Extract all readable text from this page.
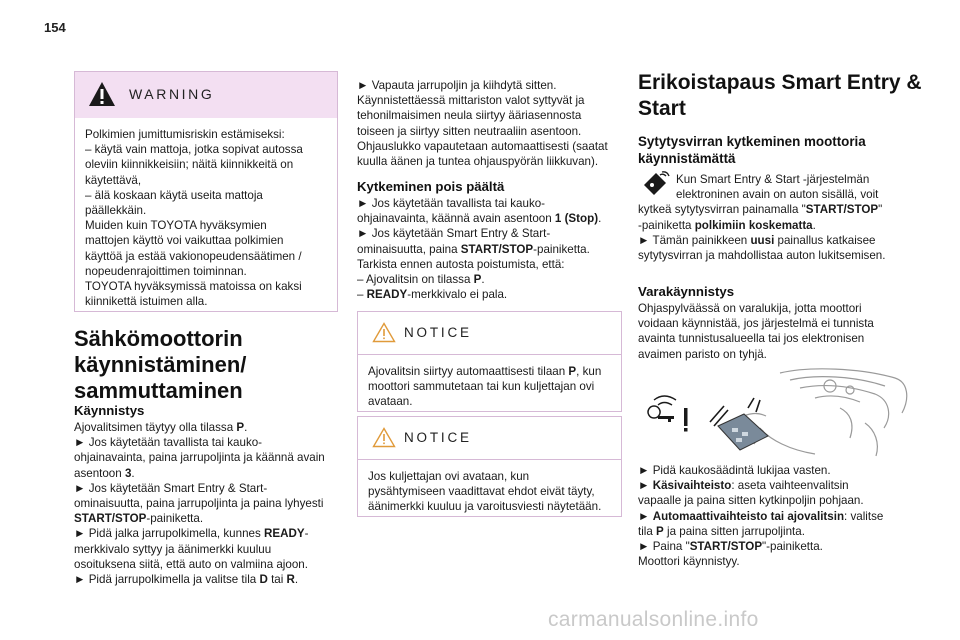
154
WARNING

Polkimien jumittumisriskin estämiseksi:

– käytä vain mattoja, jotka sopivat autossa

oleviin kiinnikkeisiin; näitä kiinnikkeitä on

käytettävä,

– älä koskaan käytä useita mattoja

päällekkäin.

Muiden kuin TOYOTA hyväksymien

mattojen käyttö voi vaikuttaa polkimien

käyttöä ja estää vakionopeudensäätimen /

nopeudenrajoittimen toiminnan.

TOYOTA hyväksymissä matoissa on kaksi

kiinnikettä istuimen alla.

Sähkömoottorin
käynnistäminen/
sammuttaminen
Käynnistys

Ajovalitsimen täytyy olla tilassa P.

► Jos käytetään tavallista tai kauko-

ohjainavainta, paina jarrupoljinta ja käännä avain

asentoon 3.

► Jos käytetään Smart Entry & Start-

ominaisuutta, paina jarrupoljinta ja paina lyhyesti

START/STOP-painiketta.

► Pidä jalka jarrupolkimella, kunnes READY-

merkkivalo syttyy ja äänimerkki kuuluu

osoituksena siitä, että auto on valmiina ajoon.

► Pidä jarrupolkimella ja valitse tila D tai R.

► Vapauta jarrupoljin ja kiihdytä sitten.

Käynnistettäessä mittariston valot syttyvät ja

tehonilmaisimen neula siirtyy ääriasennosta

toiseen ja siirtyy sitten neutraaliin asentoon.

Ohjauslukko vapautetaan automaattisesti (saatat

kuulla äänen ja tuntea ohjauspyörän liikkuvan).

Kytkeminen pois päältä

► Jos käytetään tavallista tai kauko-

ohjainavainta, käännä avain asentoon 1 (Stop).

► Jos käytetään Smart Entry & Start-

ominaisuutta, paina START/STOP-painiketta.

Tarkista ennen autosta poistumista, että:

– Ajovalitsin on tilassa P.

– READY-merkkivalo ei pala.

NOTICE

Ajovalitsin siirtyy automaattisesti tilaan P, kun

moottori sammutetaan tai kun kuljettajan ovi

avataan.

NOTICE

Jos kuljettajan ovi avataan, kun

pysähtymiseen vaadittavat ehdot eivät täyty,

äänimerkki kuuluu ja varoitusviesti näytetään.

Erikoistapaus Smart Entry &
Start
Sytytysvirran kytkeminen moottoria
käynnistämättä

Kun Smart Entry & Start -järjestelmän

elektroninen avain on auton sisällä, voit

kytkeä sytytysvirran painamalla "START/STOP"

-painiketta polkimiin koskematta.

► Tämän painikkeen uusi painallus katkaisee

sytytysvirran ja mahdollistaa auton lukitsemisen.

Varakäynnistys

Ohjaspylväässä on varalukija, jotta moottori

voidaan käynnistää, jos järjestelmä ei tunnista

avainta tunnistusalueella tai jos elektronisen

avaimen paristo on tyhjä.

► Pidä kaukosäädintä lukijaa vasten.

► Käsivaihteisto: aseta vaihteenvalitsin

vapaalle ja paina sitten kytkinpoljin pohjaan.

► Automaattivaihteisto tai ajovalitsin: valitse

tila P ja paina sitten jarrupoljinta.

► Paina "START/STOP"-painiketta.

Moottori käynnistyy.

carmanualsonline.info
